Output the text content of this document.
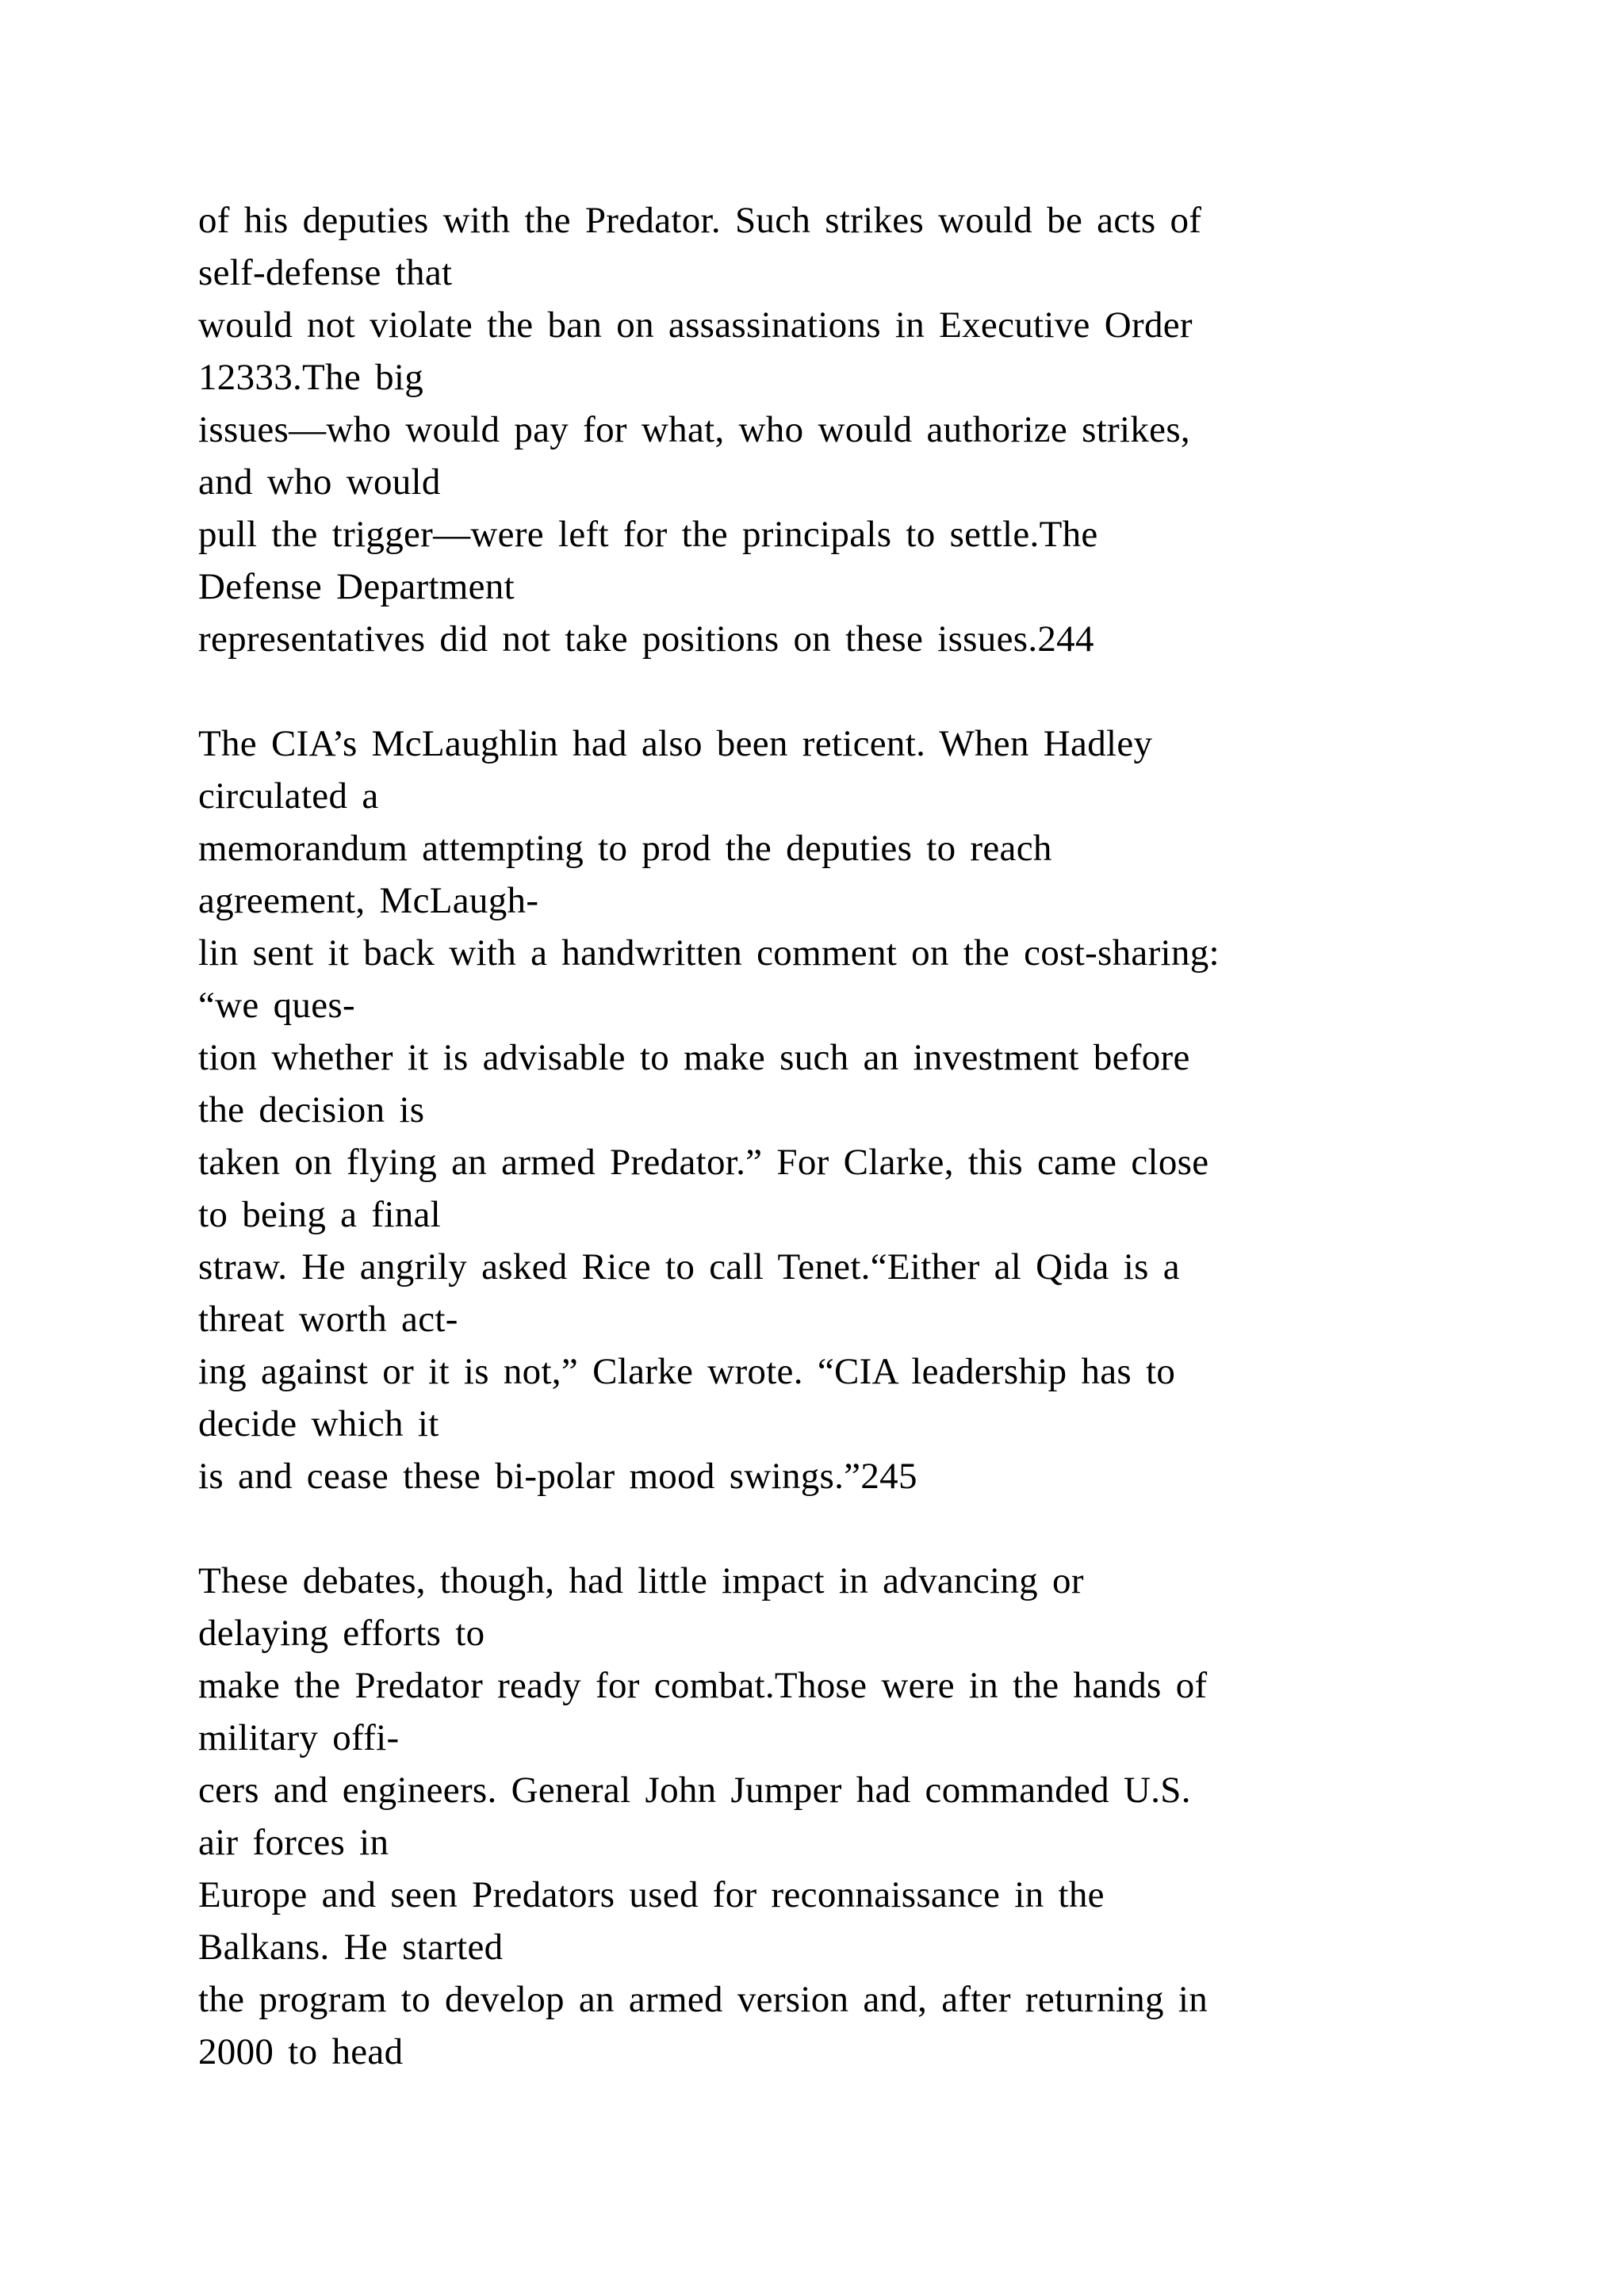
of his deputies with the Predator. Such strikes would be acts of
self-defense that
would not violate the ban on assassinations in Executive Order
12333.The big
issues—who would pay for what, who would authorize strikes,
and who would
pull the trigger—were left for the principals to settle.The
Defense Department
representatives did not take positions on these issues.244
The CIA’s McLaughlin had also been reticent. When Hadley
circulated a
memorandum attempting to prod the deputies to reach
agreement, McLaugh-
lin sent it back with a handwritten comment on the cost-sharing:
“we ques-
tion whether it is advisable to make such an investment before
the decision is
taken on flying an armed Predator.” For Clarke, this came close
to being a final
straw. He angrily asked Rice to call Tenet.“Either al Qida is a
threat worth act-
ing against or it is not,” Clarke wrote. “CIA leadership has to
decide which it
is and cease these bi-polar mood swings.”245
These debates, though, had little impact in advancing or
delaying efforts to
make the Predator ready for combat.Those were in the hands of
military offi-
cers and engineers. General John Jumper had commanded U.S.
air forces in
Europe and seen Predators used for reconnaissance in the
Balkans. He started
the program to develop an armed version and, after returning in
2000 to head
